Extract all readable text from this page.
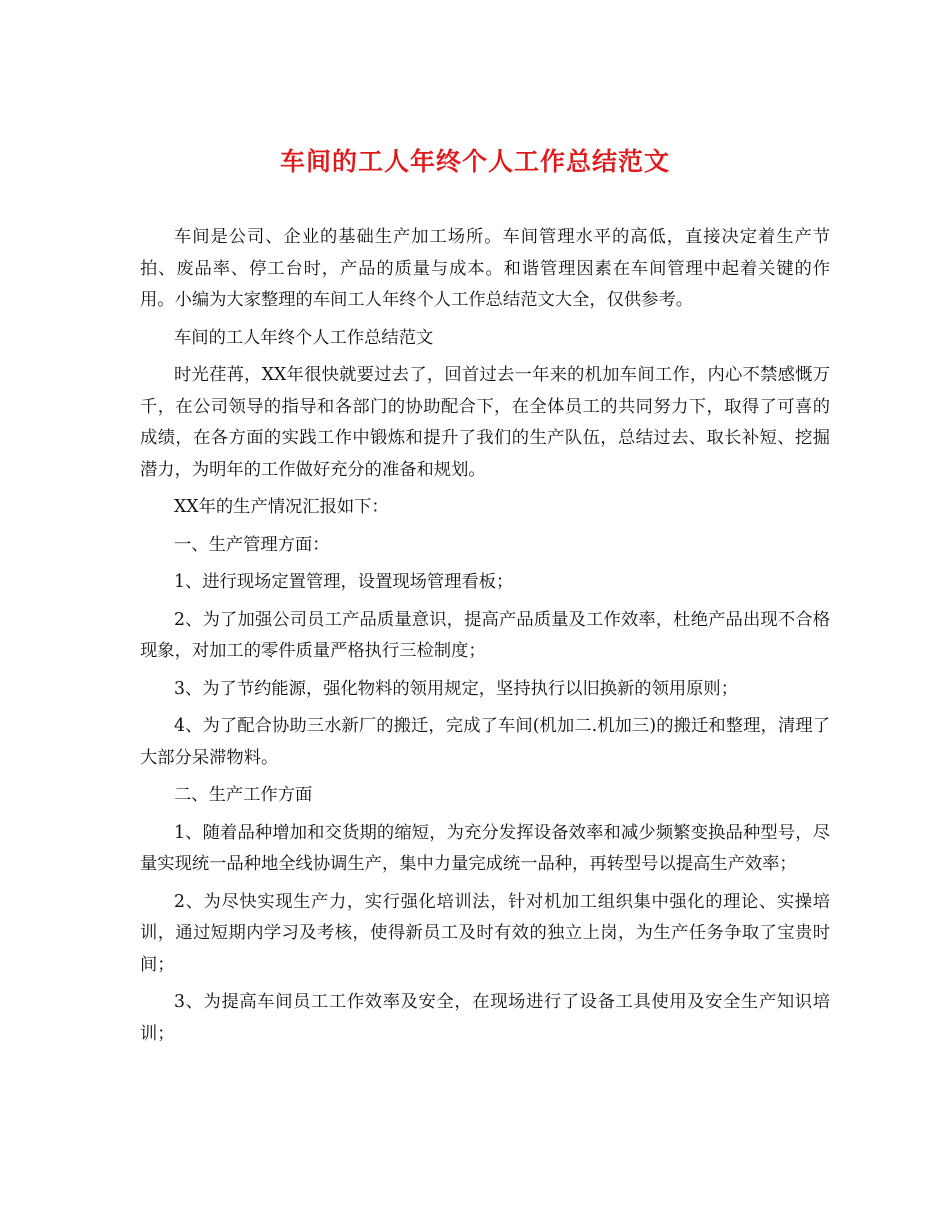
车间的工人年终个人工作总结范文

车间是公司、企业的基础生产加工场所。车间管理水平的高低，直接决定着生产节拍、废品率、停工台时，产品的质量与成本。和谐管理因素在车间管理中起着关键的作用。小编为大家整理的车间工人年终个人工作总结范文大全，仅供参考。

车间的工人年终个人工作总结范文

时光荏苒，XX年很快就要过去了，回首过去一年来的机加车间工作，内心不禁感慨万千，在公司领导的指导和各部门的协助配合下，在全体员工的共同努力下，取得了可喜的成绩，在各方面的实践工作中锻炼和提升了我们的生产队伍，总结过去、取长补短、挖掘潜力，为明年的工作做好充分的准备和规划。

XX年的生产情况汇报如下：

一、生产管理方面：

1、进行现场定置管理，设置现场管理看板；

2、为了加强公司员工产品质量意识，提高产品质量及工作效率，杜绝产品出现不合格现象，对加工的零件质量严格执行三检制度；

3、为了节约能源，强化物料的领用规定，坚持执行以旧换新的领用原则；

4、为了配合协助三水新厂的搬迁，完成了车间(机加二.机加三)的搬迁和整理，清理了大部分呆滞物料。

二、生产工作方面

1、随着品种增加和交货期的缩短，为充分发挥设备效率和减少频繁变换品种型号，尽量实现统一品种地全线协调生产，集中力量完成统一品种，再转型号以提高生产效率；

2、为尽快实现生产力，实行强化培训法，针对机加工组织集中强化的理论、实操培训，通过短期内学习及考核，使得新员工及时有效的独立上岗，为生产任务争取了宝贵时间；

3、为提高车间员工工作效率及安全，在现场进行了设备工具使用及安全生产知识培训；
